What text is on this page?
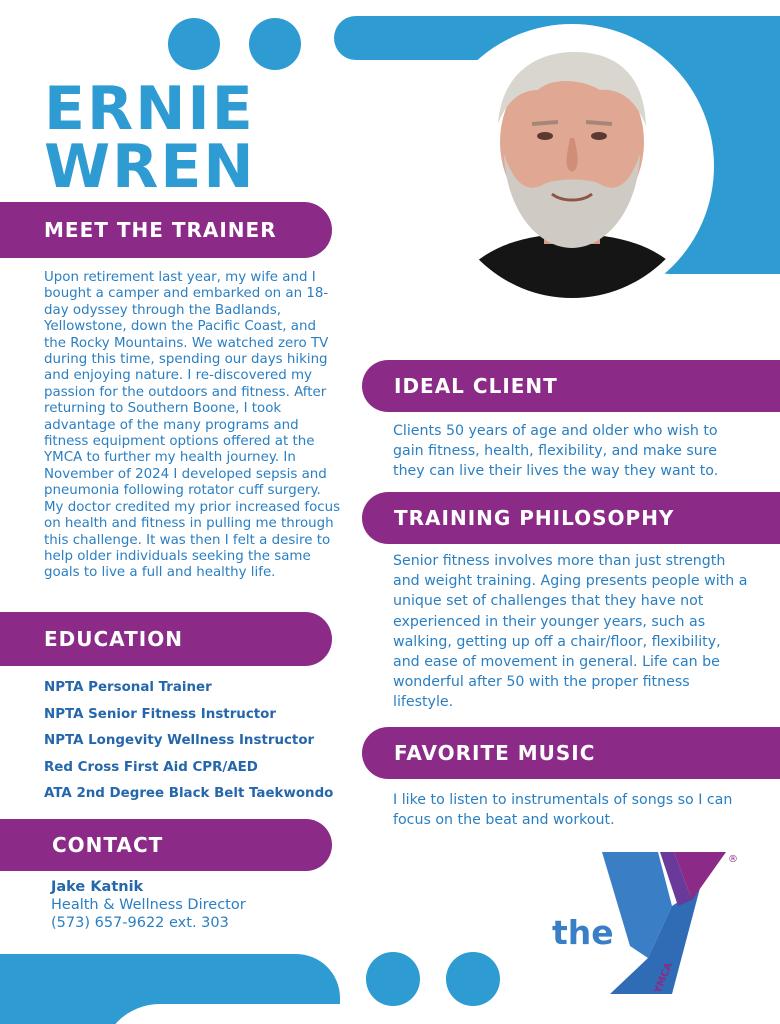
ERNIE
WREN
MEET THE TRAINER

Upon retirement last year, my wife and I bought a camper and embarked on an 18-day odyssey through the Badlands, Yellowstone, down the Pacific Coast, and the Rocky Mountains. We watched zero TV during this time, spending our days hiking and enjoying nature. I re-discovered my passion for the outdoors and fitness. After returning to Southern Boone, I took advantage of the many programs and fitness equipment options offered at the YMCA to further my health journey. In November of 2024 I developed sepsis and pneumonia following rotator cuff surgery. My doctor credited my prior increased focus on health and fitness in pulling me through this challenge. It was then I felt a desire to help older individuals seeking the same goals to live a full and healthy life.

EDUCATION
NPTA Personal Trainer
NPTA Senior Fitness Instructor
NPTA Longevity Wellness Instructor
Red Cross First Aid CPR/AED
ATA 2nd Degree Black Belt Taekwondo
CONTACT
Jake Katnik
Health & Wellness Director
(573) 657-9622 ext. 303
IDEAL CLIENT

Clients 50 years of age and older who wish to gain fitness, health, flexibility, and make sure they can live their lives the way they want to.

TRAINING PHILOSOPHY

Senior fitness involves more than just strength and weight training. Aging presents people with a unique set of challenges that they have not experienced in their younger years, such as walking, getting up off a chair/floor, flexibility, and ease of movement in general. Life can be wonderful after 50 with the proper fitness lifestyle.

FAVORITE MUSIC

I like to listen to instrumentals of songs so I can focus on the beat and workout.

®
the
YMCA
